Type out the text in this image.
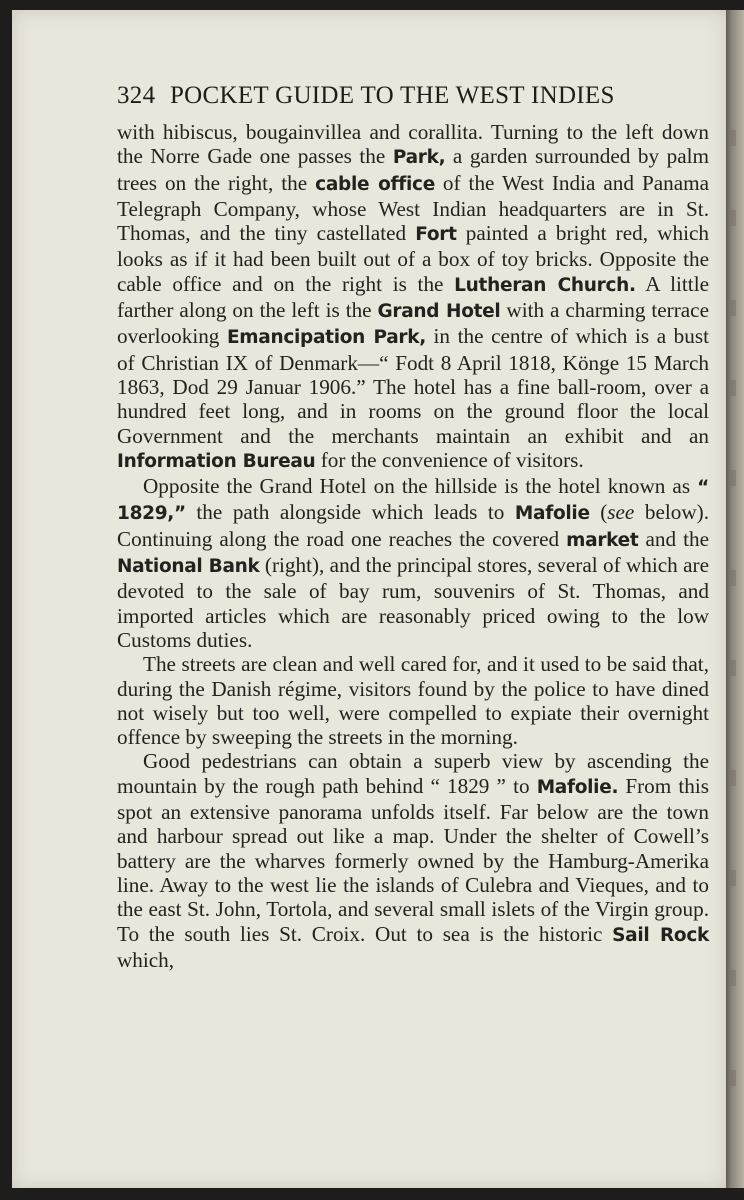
324 POCKET GUIDE TO THE WEST INDIES

with hibiscus, bougainvillea and corallita. Turning to the left down the Norre Gade one passes the Park, a garden surrounded by palm trees on the right, the cable office of the West India and Panama Telegraph Company, whose West Indian headquarters are in St. Thomas, and the tiny castellated Fort painted a bright red, which looks as if it had been built out of a box of toy bricks. Opposite the cable office and on the right is the Lutheran Church. A little farther along on the left is the Grand Hotel with a charming terrace overlooking Emancipation Park, in the centre of which is a bust of Christian IX of Denmark—“ Fodt 8 April 1818, Könge 15 March 1863, Dod 29 Januar 1906.” The hotel has a fine ball-room, over a hundred feet long, and in rooms on the ground floor the local Government and the merchants maintain an exhibit and an Information Bureau for the convenience of visitors.

Opposite the Grand Hotel on the hillside is the hotel known as “ 1829,” the path alongside which leads to Mafolie (see below). Continuing along the road one reaches the covered market and the National Bank (right), and the principal stores, several of which are devoted to the sale of bay rum, souvenirs of St. Thomas, and imported articles which are reasonably priced owing to the low Customs duties.

The streets are clean and well cared for, and it used to be said that, during the Danish régime, visitors found by the police to have dined not wisely but too well, were compelled to expiate their overnight offence by sweeping the streets in the morning.

Good pedestrians can obtain a superb view by ascending the mountain by the rough path behind “ 1829 ” to Mafolie. From this spot an extensive panorama unfolds itself. Far below are the town and harbour spread out like a map. Under the shelter of Cowell’s battery are the wharves formerly owned by the Hamburg-Amerika line. Away to the west lie the islands of Culebra and Vieques, and to the east St. John, Tortola, and several small islets of the Virgin group. To the south lies St. Croix. Out to sea is the historic Sail Rock which,
